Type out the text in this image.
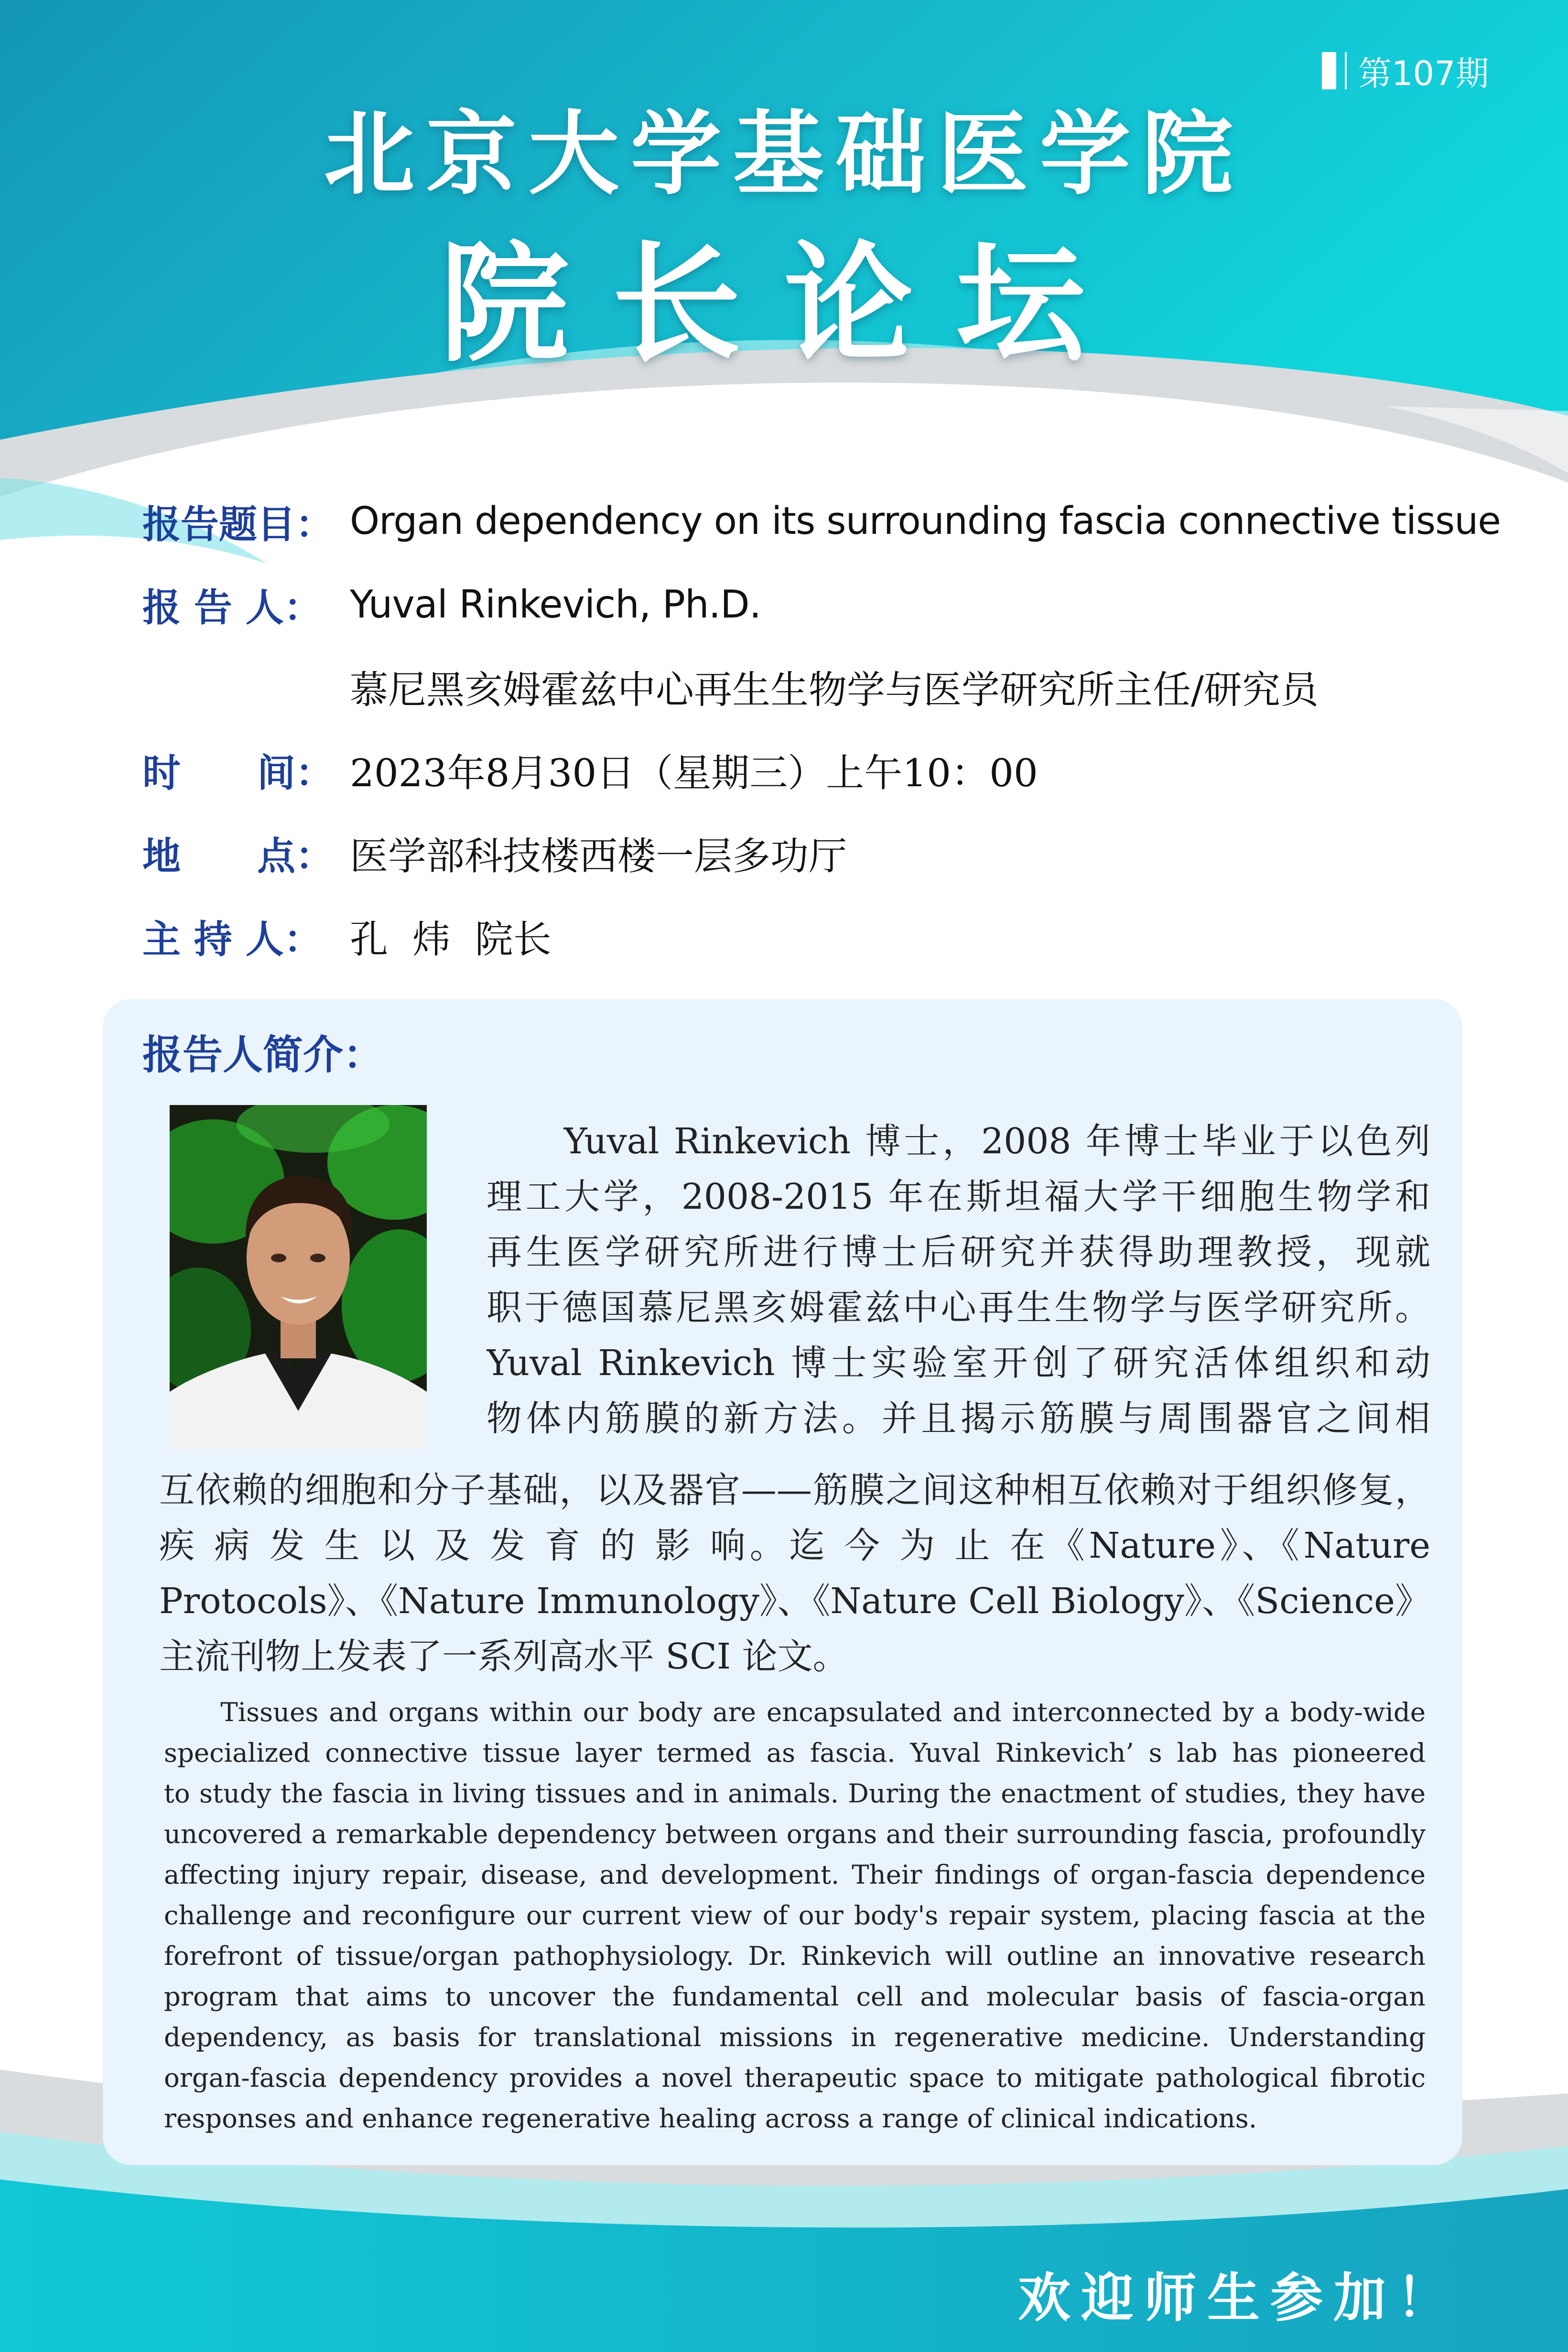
第107期
北京大学基础医学院
院长论坛
报告题目： Organ dependency on its surrounding fascia connective tissue
报 告 人： Yuval Rinkevich, Ph.D.
慕尼黑亥姆霍兹中心再生生物学与医学研究所主任/研究员
时　　间： 2023年8月30日（星期三）上午10：00
地　　点： 医学部科技楼西楼一层多功厅
主 持 人： 孔  炜  院长
报告人简介：
　　Yuval Rinkevich 博士，2008 年博士毕业于以色列
理工大学，2008-2015 年在斯坦福大学干细胞生物学和
再生医学研究所进行博士后研究并获得助理教授，现就
职于德国慕尼黑亥姆霍兹中心再生生物学与医学研究所。
Yuval Rinkevich 博士实验室开创了研究活体组织和动
物体内筋膜的新方法。并且揭示筋膜与周围器官之间相
互依赖的细胞和分子基础，以及器官——筋膜之间这种相互依赖对于组织修复，
疾 病 发 生 以 及 发 育 的 影 响。迄 今 为 止 在《Nature》、《Nature
Protocols》、《Nature Immunology》、《Nature Cell Biology》、《Science》
主流刊物上发表了一系列高水平 SCI 论文。
　　Tissues and organs within our body are encapsulated and interconnected by a body-wide
specialized connective tissue layer termed as fascia. Yuval Rinkevich’ s lab has pioneered
to study the fascia in living tissues and in animals. During the enactment of studies, they have
uncovered a remarkable dependency between organs and their surrounding fascia, profoundly
affecting injury repair, disease, and development. Their findings of organ-fascia dependence
challenge and reconfigure our current view of our body's repair system, placing fascia at the
forefront of tissue/organ pathophysiology. Dr. Rinkevich will outline an innovative research
program that aims to uncover the fundamental cell and molecular basis of fascia-organ
dependency, as basis for translational missions in regenerative medicine. Understanding
organ-fascia dependency provides a novel therapeutic space to mitigate pathological fibrotic
responses and enhance regenerative healing across a range of clinical indications.

欢迎师生参加！
